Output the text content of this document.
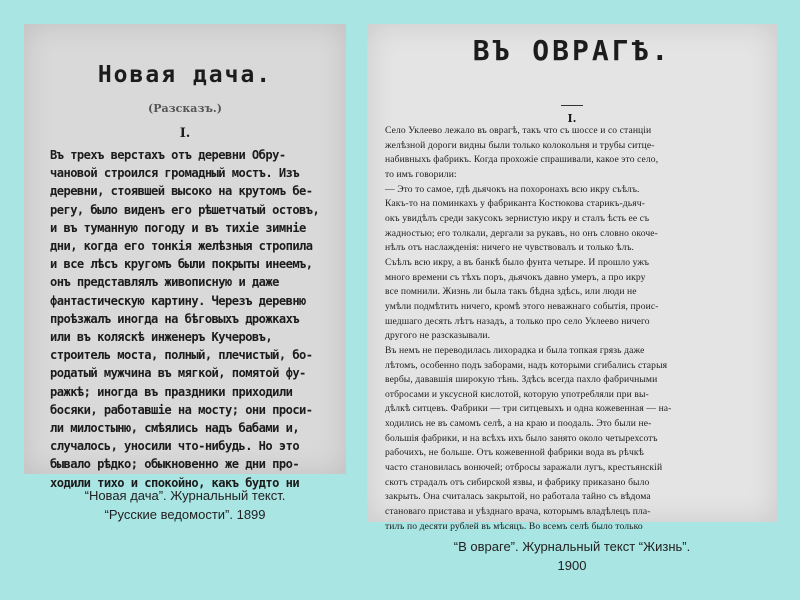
Новая дача.
(Разсказъ.)
I.
Въ трехъ верстахъ отъ деревни Обру-
чановой строился громадный мостъ. Изъ
деревни, стоявшей высоко на крутомъ бе-
регу, было виденъ его рѣшетчатый остовъ,
и въ туманную погоду и въ тихіе зимніе
дни, когда его тонкія желѣзныя стропила
и все лѣсъ кругомъ были покрыты инеемъ,
онъ представлялъ живописную и даже
фантастическую картину. Черезъ деревню
проѣзжалъ иногда на бѣговыхъ дрожкахъ
или въ коляскѣ инженеръ Кучеровъ,
строитель моста, полный, плечистый, бо-
родатый мужчина въ мягкой, помятой фу-
ражкѣ; иногда въ праздники приходили
босяки, работавшіе на мосту; они проси-
ли милостыню, смѣялись надъ бабами и,
случалось, уносили что-нибудь. Но это
бывало рѣдко; обыкновенно же дни про-
ходили тихо и спокойно, какъ будто ни
ВЪ ОВРАГѢ.
I.
Село Уклеево лежало въ оврагѣ, такъ что съ шоссе и со станціи
желѣзной дороги видны были только колокольня и трубы ситце-
набивныхъ фабрикъ. Когда прохожіе спрашивали, какое это село,
то имъ говорили:
— Это то самое, гдѣ дьячокъ на похоронахъ всю икру съѣлъ.
Какъ-то на поминкахъ у фабриканта Костюкова старикъ-дьяч-
окъ увидѣлъ среди закусокъ зернистую икру и сталъ ѣсть ее съ
жадностью; его толкали, дергали за рукавъ, но онъ словно окоче-
нѣлъ отъ наслажденія: ничего не чувствовалъ и только ѣлъ.
Съѣлъ всю икру, а въ банкѣ было фунта четыре. И прошло ужъ
много времени съ тѣхъ поръ, дьячокъ давно умеръ, а про икру
все помнили. Жизнь ли была такъ бѣдна здѣсь, или люди не
умѣли подмѣтить ничего, кромѣ этого неважнаго событія, проис-
шедшаго десять лѣтъ назадъ, а только про село Уклеево ничего
другого не разсказывали.
Въ немъ не переводилась лихорадка и была топкая грязь даже
лѣтомъ, особенно подъ заборами, надъ которыми сгибались старыя
вербы, дававшія широкую тѣнь. Здѣсь всегда пахло фабричными
отбросами и уксусной кислотой, которую употребляли при вы-
дѣлкѣ ситцевъ. Фабрики — три ситцевыхъ и одна кожевенная — на-
ходились не въ самомъ селѣ, а на краю и поодаль. Это были не-
большія фабрики, и на всѣхъ ихъ было занято около четырехсотъ
рабочихъ, не больше. Отъ кожевенной фабрики вода въ рѣчкѣ
часто становилась вонючей; отбросы заражали лугъ, крестьянскій
скотъ страдалъ отъ сибирской язвы, и фабрику приказано было
закрыть. Она считалась закрытой, но работала тайно съ вѣдома
становаго пристава и уѣзднаго врача, которымъ владѣлецъ пла-
тилъ по десяти рублей въ мѣсяцъ. Во всемъ селѣ было только
“Новая дача”. Журнальный текст.
“Русские ведомости”. 1899
“В овраге”. Журнальный текст “Жизнь”.
1900
